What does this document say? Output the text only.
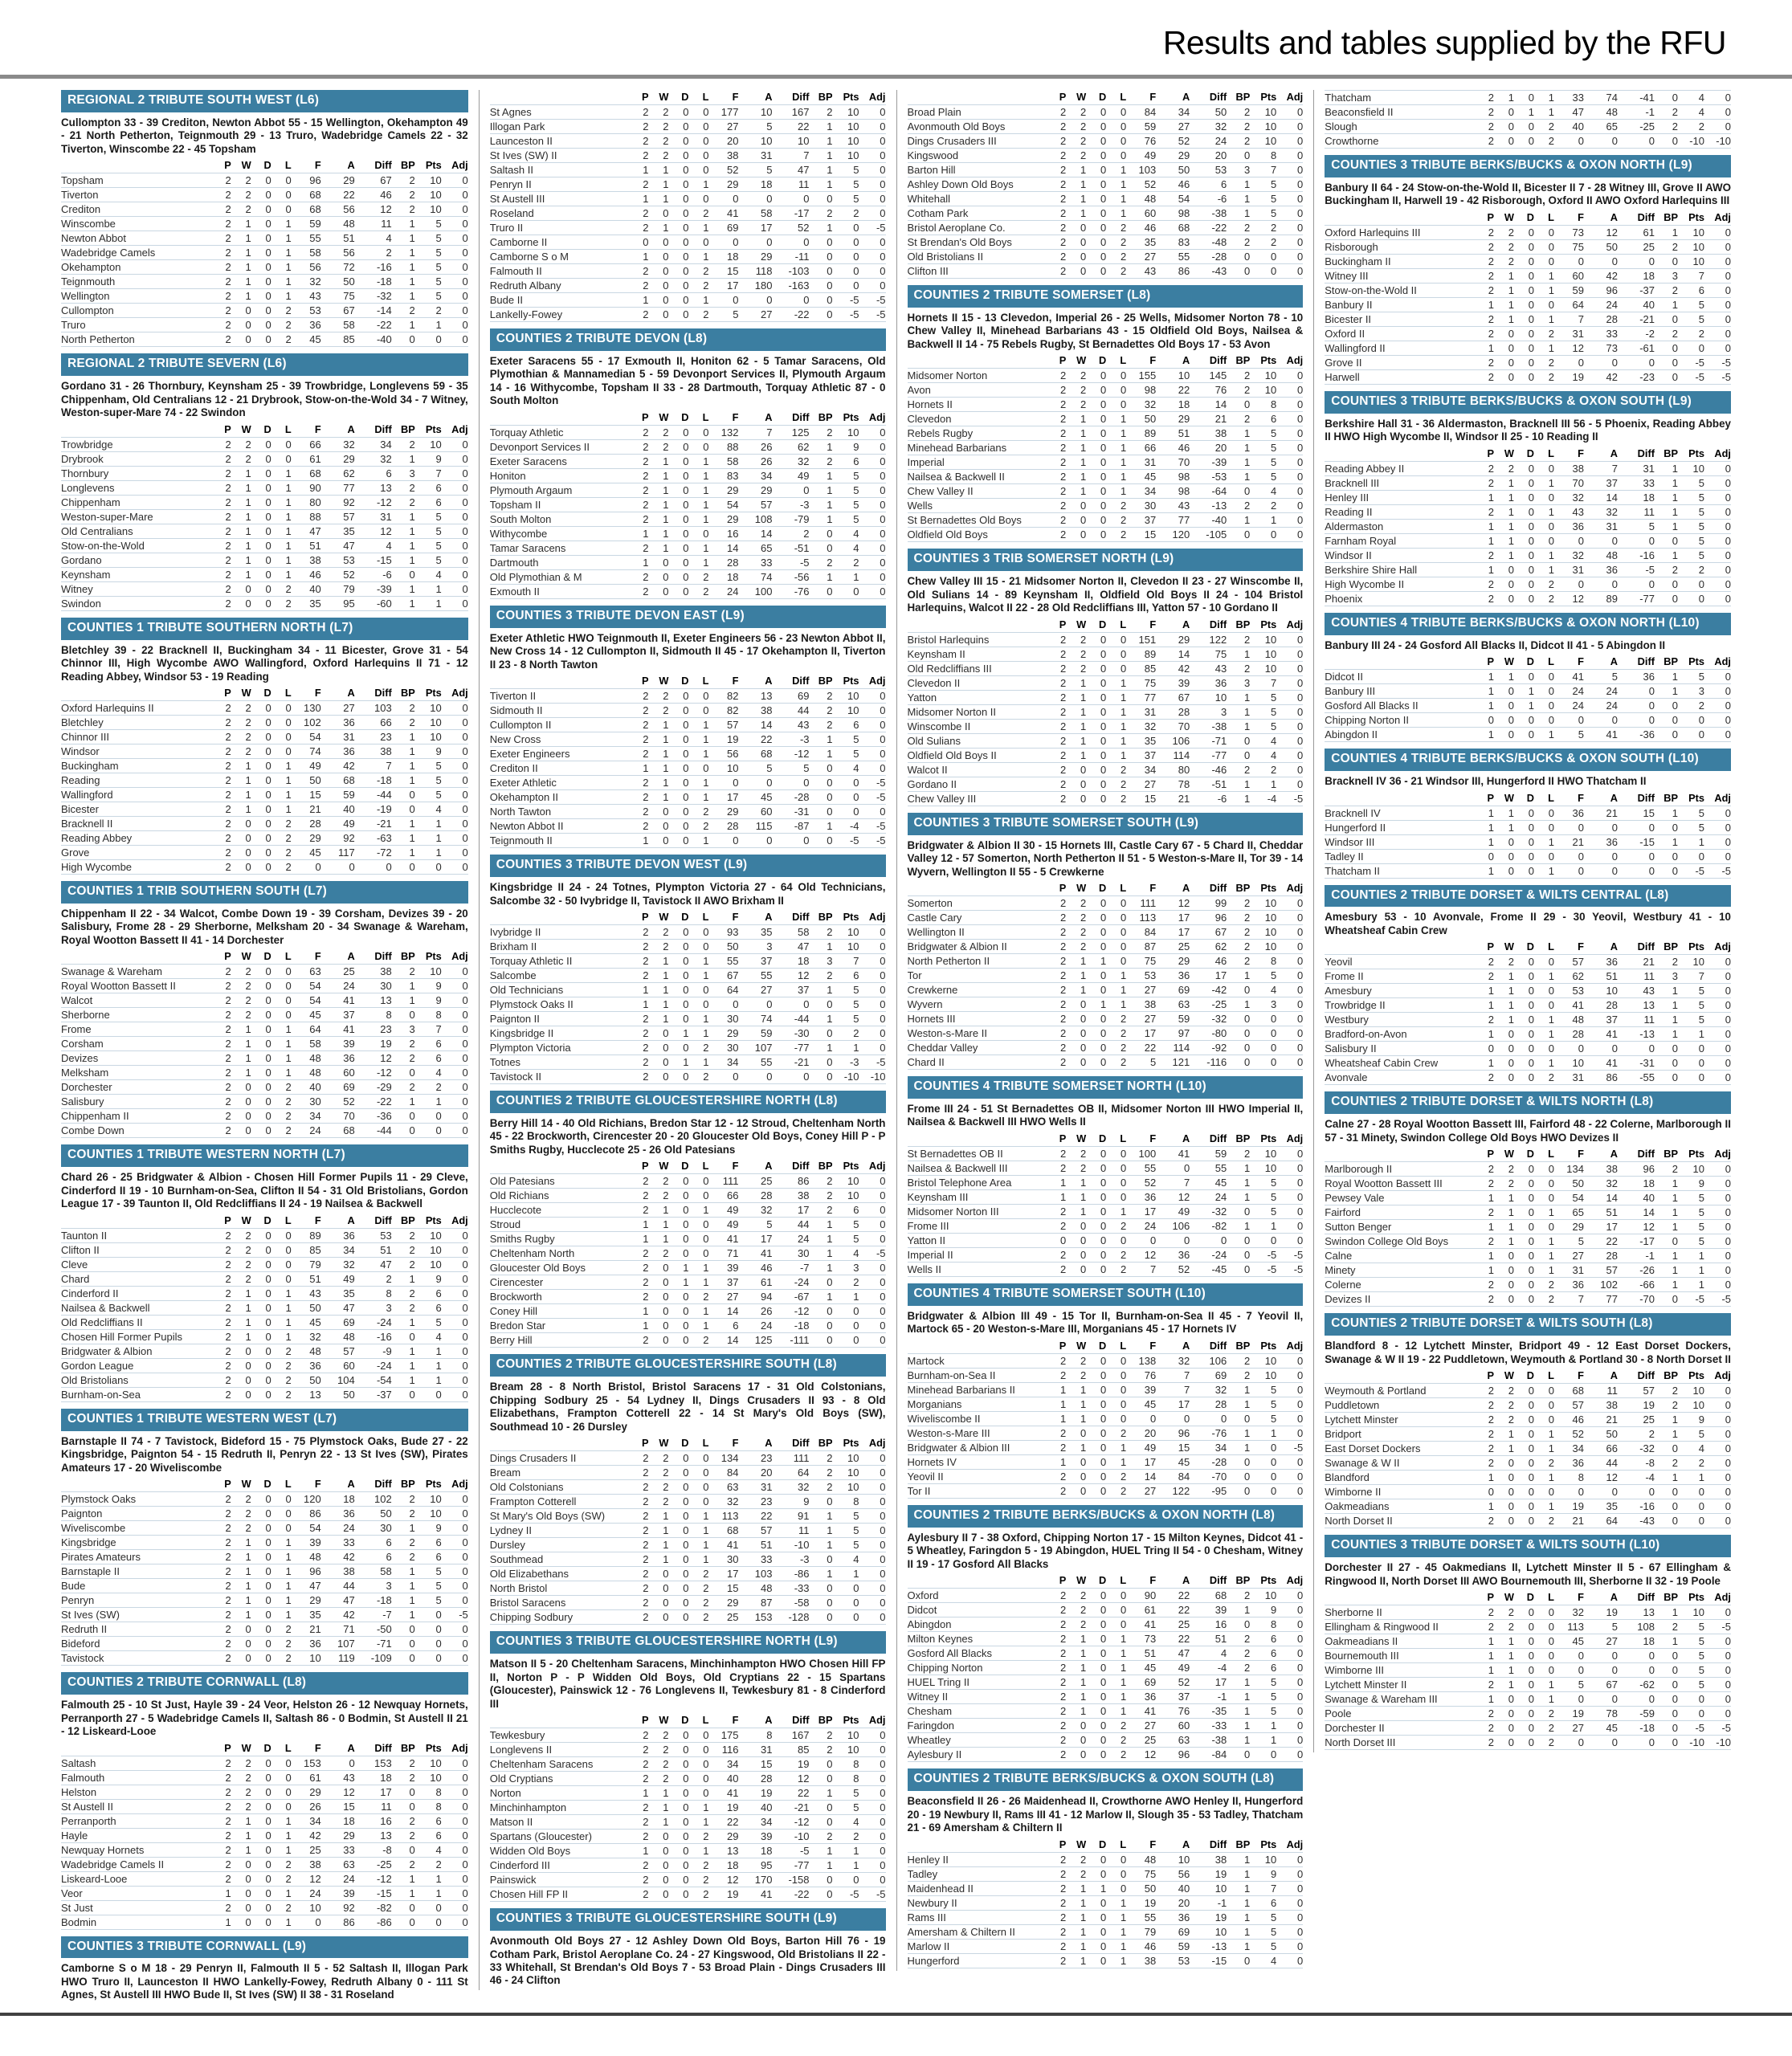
Results and tables supplied by the RFU
REGIONAL 2 TRIBUTE SOUTH WEST (L6)

Cullompton 33 - 39 Crediton, Newton Abbot 55 - 15 Wellington, Okehampton 49 - 21 North Petherton, Teignmouth 29 - 13 Truro, Wadebridge Camels 22 - 32 Tiverton, Winscombe 22 - 45 Topsham

	P	W	D	L	F	A	Diff	BP	Pts	Adj
Topsham	2	2	0	0	96	29	67	2	10	0
Tiverton	2	2	0	0	68	22	46	2	10	0
Crediton	2	2	0	0	68	56	12	2	10	0
Winscombe	2	1	0	1	59	48	11	1	5	0
Newton Abbot	2	1	0	1	55	51	4	1	5	0
Wadebridge Camels	2	1	0	1	58	56	2	1	5	0
Okehampton	2	1	0	1	56	72	-16	1	5	0
Teignmouth	2	1	0	1	32	50	-18	1	5	0
Wellington	2	1	0	1	43	75	-32	1	5	0
Cullompton	2	0	0	2	53	67	-14	2	2	0
Truro	2	0	0	2	36	58	-22	1	1	0
North Petherton	2	0	0	2	45	85	-40	0	0	0
REGIONAL 2 TRIBUTE SEVERN (L6)

Gordano 31 - 26 Thornbury, Keynsham 25 - 39 Trowbridge, Longlevens 59 - 35 Chippenham, Old Centralians 12 - 21 Drybrook, Stow-on-the-Wold 34 - 7 Witney, Weston-super-Mare 74 - 22 Swindon

	P	W	D	L	F	A	Diff	BP	Pts	Adj
Trowbridge	2	2	0	0	66	32	34	2	10	0
Drybrook	2	2	0	0	61	29	32	1	9	0
Thornbury	2	1	0	1	68	62	6	3	7	0
Longlevens	2	1	0	1	90	77	13	2	6	0
Chippenham	2	1	0	1	80	92	-12	2	6	0
Weston-super-Mare	2	1	0	1	88	57	31	1	5	0
Old Centralians	2	1	0	1	47	35	12	1	5	0
Stow-on-the-Wold	2	1	0	1	51	47	4	1	5	0
Gordano	2	1	0	1	38	53	-15	1	5	0
Keynsham	2	1	0	1	46	52	-6	0	4	0
Witney	2	0	0	2	40	79	-39	1	1	0
Swindon	2	0	0	2	35	95	-60	1	1	0
COUNTIES 1 TRIBUTE SOUTHERN NORTH (L7)

Bletchley 39 - 22 Bracknell II, Buckingham 34 - 11 Bicester, Grove 31 - 54 Chinnor III, High Wycombe AWO Wallingford, Oxford Harlequins II 71 - 12 Reading Abbey, Windsor 53 - 19 Reading

	P	W	D	L	F	A	Diff	BP	Pts	Adj
Oxford Harlequins II	2	2	0	0	130	27	103	2	10	0
Bletchley	2	2	0	0	102	36	66	2	10	0
Chinnor III	2	2	0	0	54	31	23	1	10	0
Windsor	2	2	0	0	74	36	38	1	9	0
Buckingham	2	1	0	1	49	42	7	1	5	0
Reading	2	1	0	1	50	68	-18	1	5	0
Wallingford	2	1	0	1	15	59	-44	0	5	0
Bicester	2	1	0	1	21	40	-19	0	4	0
Bracknell II	2	0	0	2	28	49	-21	1	1	0
Reading Abbey	2	0	0	2	29	92	-63	1	1	0
Grove	2	0	0	2	45	117	-72	1	1	0
High Wycombe	2	0	0	2	0	0	0	0	0	0
COUNTIES 1 TRIB SOUTHERN SOUTH (L7)

Chippenham II 22 - 34 Walcot, Combe Down 19 - 39 Corsham, Devizes 39 - 20 Salisbury, Frome 28 - 29 Sherborne, Melksham 20 - 34 Swanage & Wareham, Royal Wootton Bassett II 41 - 14 Dorchester

	P	W	D	L	F	A	Diff	BP	Pts	Adj
Swanage & Wareham	2	2	0	0	63	25	38	2	10	0
Royal Wootton Bassett II	2	2	0	0	54	24	30	1	9	0
Walcot	2	2	0	0	54	41	13	1	9	0
Sherborne	2	2	0	0	45	37	8	0	8	0
Frome	2	1	0	1	64	41	23	3	7	0
Corsham	2	1	0	1	58	39	19	2	6	0
Devizes	2	1	0	1	48	36	12	2	6	0
Melksham	2	1	0	1	48	60	-12	0	4	0
Dorchester	2	0	0	2	40	69	-29	2	2	0
Salisbury	2	0	0	2	30	52	-22	1	1	0
Chippenham II	2	0	0	2	34	70	-36	0	0	0
Combe Down	2	0	0	2	24	68	-44	0	0	0
COUNTIES 1 TRIBUTE WESTERN NORTH (L7)

Chard 26 - 25 Bridgwater & Albion - Chosen Hill Former Pupils 11 - 29 Cleve, Cinderford II 19 - 10 Burnham-on-Sea, Clifton II 54 - 31 Old Bristolians, Gordon League 17 - 39 Taunton II, Old Redcliffians II 24 - 19 Nailsea & Backwell

	P	W	D	L	F	A	Diff	BP	Pts	Adj
Taunton II	2	2	0	0	89	36	53	2	10	0
Clifton II	2	2	0	0	85	34	51	2	10	0
Cleve	2	2	0	0	79	32	47	2	10	0
Chard	2	2	0	0	51	49	2	1	9	0
Cinderford II	2	1	0	1	43	35	8	2	6	0
Nailsea & Backwell	2	1	0	1	50	47	3	2	6	0
Old Redcliffians II	2	1	0	1	45	69	-24	1	5	0
Chosen Hill Former Pupils	2	1	0	1	32	48	-16	0	4	0
Bridgwater & Albion	2	0	0	2	48	57	-9	1	1	0
Gordon League	2	0	0	2	36	60	-24	1	1	0
Old Bristolians	2	0	0	2	50	104	-54	1	1	0
Burnham-on-Sea	2	0	0	2	13	50	-37	0	0	0
COUNTIES 1 TRIBUTE WESTERN WEST (L7)

Barnstaple II 74 - 7 Tavistock, Bideford 15 - 75 Plymstock Oaks, Bude 27 - 22 Kingsbridge, Paignton 54 - 15 Redruth II, Penryn 22 - 13 St Ives (SW), Pirates Amateurs 17 - 20 Wiveliscombe

	P	W	D	L	F	A	Diff	BP	Pts	Adj
Plymstock Oaks	2	2	0	0	120	18	102	2	10	0
Paignton	2	2	0	0	86	36	50	2	10	0
Wiveliscombe	2	2	0	0	54	24	30	1	9	0
Kingsbridge	2	1	0	1	39	33	6	2	6	0
Pirates Amateurs	2	1	0	1	48	42	6	2	6	0
Barnstaple II	2	1	0	1	96	38	58	1	5	0
Bude	2	1	0	1	47	44	3	1	5	0
Penryn	2	1	0	1	29	47	-18	1	5	0
St Ives (SW)	2	1	0	1	35	42	-7	1	0	-5
Redruth II	2	0	0	2	21	71	-50	0	0	0
Bideford	2	0	0	2	36	107	-71	0	0	0
Tavistock	2	0	0	2	10	119	-109	0	0	0
COUNTIES 2 TRIBUTE CORNWALL (L8)

Falmouth 25 - 10 St Just, Hayle 39 - 24 Veor, Helston 26 - 12 Newquay Hornets, Perranporth 27 - 5 Wadebridge Camels II, Saltash 86 - 0 Bodmin, St Austell II 21 - 12 Liskeard-Looe

	P	W	D	L	F	A	Diff	BP	Pts	Adj
Saltash	2	2	0	0	153	0	153	2	10	0
Falmouth	2	2	0	0	61	43	18	2	10	0
Helston	2	2	0	0	29	12	17	0	8	0
St Austell II	2	2	0	0	26	15	11	0	8	0
Perranporth	2	1	0	1	34	18	16	2	6	0
Hayle	2	1	0	1	42	29	13	2	6	0
Newquay Hornets	2	1	0	1	25	33	-8	0	4	0
Wadebridge Camels II	2	0	0	2	38	63	-25	2	2	0
Liskeard-Looe	2	0	0	2	12	24	-12	1	1	0
Veor	1	0	0	1	24	39	-15	1	1	0
St Just	2	0	0	2	10	92	-82	0	0	0
Bodmin	1	0	0	1	0	86	-86	0	0	0
COUNTIES 3 TRIBUTE CORNWALL (L9)

Camborne S o M 18 - 29 Penryn II, Falmouth II 5 - 52 Saltash II, Illogan Park HWO Truro II, Launceston II HWO Lankelly-Fowey, Redruth Albany 0 - 111 St Agnes, St Austell III HWO Bude II, St Ives (SW) II 38 - 31 Roseland

	P	W	D	L	F	A	Diff	BP	Pts	Adj
St Agnes	2	2	0	0	177	10	167	2	10	0
Illogan Park	2	2	0	0	27	5	22	1	10	0
Launceston II	2	2	0	0	20	10	10	1	10	0
St Ives (SW) II	2	2	0	0	38	31	7	1	10	0
Saltash II	1	1	0	0	52	5	47	1	5	0
Penryn II	2	1	0	1	29	18	11	1	5	0
St Austell III	1	1	0	0	0	0	0	0	5	0
Roseland	2	0	0	2	41	58	-17	2	2	0
Truro II	2	1	0	1	69	17	52	1	0	-5
Camborne II	0	0	0	0	0	0	0	0	0	0
Camborne S o M	1	0	0	1	18	29	-11	0	0	0
Falmouth II	2	0	0	2	15	118	-103	0	0	0
Redruth Albany	2	0	0	2	17	180	-163	0	0	0
Bude II	1	0	0	1	0	0	0	0	-5	-5
Lankelly-Fowey	2	0	0	2	5	27	-22	0	-5	-5
COUNTIES 2 TRIBUTE DEVON (L8)

Exeter Saracens 55 - 17 Exmouth II, Honiton 62 - 5 Tamar Saracens, Old Plymothian & Mannamedian 5 - 59 Devonport Services II, Plymouth Argaum 14 - 16 Withycombe, Topsham II 33 - 28 Dartmouth, Torquay Athletic 87 - 0 South Molton

	P	W	D	L	F	A	Diff	BP	Pts	Adj
Torquay Athletic	2	2	0	0	132	7	125	2	10	0
Devonport Services II	2	2	0	0	88	26	62	1	9	0
Exeter Saracens	2	1	0	1	58	26	32	2	6	0
Honiton	2	1	0	1	83	34	49	1	5	0
Plymouth Argaum	2	1	0	1	29	29	0	1	5	0
Topsham II	2	1	0	1	54	57	-3	1	5	0
South Molton	2	1	0	1	29	108	-79	1	5	0
Withycombe	1	1	0	0	16	14	2	0	4	0
Tamar Saracens	2	1	0	1	14	65	-51	0	4	0
Dartmouth	1	0	0	1	28	33	-5	2	2	0
Old Plymothian & M	2	0	0	2	18	74	-56	1	1	0
Exmouth II	2	0	0	2	24	100	-76	0	0	0
COUNTIES 3 TRIBUTE DEVON EAST (L9)

Exeter Athletic HWO Teignmouth II, Exeter Engineers 56 - 23 Newton Abbot II, New Cross 14 - 12 Cullompton II, Sidmouth II 45 - 17 Okehampton II, Tiverton II 23 - 8 North Tawton

	P	W	D	L	F	A	Diff	BP	Pts	Adj
Tiverton II	2	2	0	0	82	13	69	2	10	0
Sidmouth II	2	2	0	0	82	38	44	2	10	0
Cullompton II	2	1	0	1	57	14	43	2	6	0
New Cross	2	1	0	1	19	22	-3	1	5	0
Exeter Engineers	2	1	0	1	56	68	-12	1	5	0
Crediton II	1	1	0	0	10	5	5	0	4	0
Exeter Athletic	2	1	0	1	0	0	0	0	0	-5
Okehampton II	2	1	0	1	17	45	-28	0	0	-5
North Tawton	2	0	0	2	29	60	-31	0	0	0
Newton Abbot II	2	0	0	2	28	115	-87	1	-4	-5
Teignmouth II	1	0	0	1	0	0	0	0	-5	-5
COUNTIES 3 TRIBUTE DEVON WEST (L9)

Kingsbridge II 24 - 24 Totnes, Plympton Victoria 27 - 64 Old Technicians, Salcombe 32 - 50 Ivybridge II, Tavistock II AWO Brixham II

	P	W	D	L	F	A	Diff	BP	Pts	Adj
Ivybridge II	2	2	0	0	93	35	58	2	10	0
Brixham II	2	2	0	0	50	3	47	1	10	0
Torquay Athletic II	2	1	0	1	55	37	18	3	7	0
Salcombe	2	1	0	1	67	55	12	2	6	0
Old Technicians	1	1	0	0	64	27	37	1	5	0
Plymstock Oaks II	1	1	0	0	0	0	0	0	5	0
Paignton II	2	1	0	1	30	74	-44	1	5	0
Kingsbridge II	2	0	1	1	29	59	-30	0	2	0
Plympton Victoria	2	0	0	2	30	107	-77	1	1	0
Totnes	2	0	1	1	34	55	-21	0	-3	-5
Tavistock II	2	0	0	2	0	0	0	0	-10	-10
COUNTIES 2 TRIBUTE GLOUCESTERSHIRE NORTH (L8)

Berry Hill 14 - 40 Old Richians, Bredon Star 12 - 12 Stroud, Cheltenham North 45 - 22 Brockworth, Cirencester 20 - 20 Gloucester Old Boys, Coney Hill P - P Smiths Rugby, Hucclecote 25 - 26 Old Patesians

	P	W	D	L	F	A	Diff	BP	Pts	Adj
Old Patesians	2	2	0	0	111	25	86	2	10	0
Old Richians	2	2	0	0	66	28	38	2	10	0
Hucclecote	2	1	0	1	49	32	17	2	6	0
Stroud	1	1	0	0	49	5	44	1	5	0
Smiths Rugby	1	1	0	0	41	17	24	1	5	0
Cheltenham North	2	2	0	0	71	41	30	1	4	-5
Gloucester Old Boys	2	0	1	1	39	46	-7	1	3	0
Cirencester	2	0	1	1	37	61	-24	0	2	0
Brockworth	2	0	0	2	27	94	-67	1	1	0
Coney Hill	1	0	0	1	14	26	-12	0	0	0
Bredon Star	1	0	0	1	6	24	-18	0	0	0
Berry Hill	2	0	0	2	14	125	-111	0	0	0
COUNTIES 2 TRIBUTE GLOUCESTERSHIRE SOUTH (L8)

Bream 28 - 8 North Bristol, Bristol Saracens 17 - 31 Old Colstonians, Chipping Sodbury 25 - 54 Lydney II, Dings Crusaders II 93 - 8 Old Elizabethans, Frampton Cotterell 22 - 14 St Mary's Old Boys (SW), Southmead 10 - 26 Dursley

	P	W	D	L	F	A	Diff	BP	Pts	Adj
Dings Crusaders II	2	2	0	0	134	23	111	2	10	0
Bream	2	2	0	0	84	20	64	2	10	0
Old Colstonians	2	2	0	0	63	31	32	2	10	0
Frampton Cotterell	2	2	0	0	32	23	9	0	8	0
St Mary's Old Boys (SW)	2	1	0	1	113	22	91	1	5	0
Lydney II	2	1	0	1	68	57	11	1	5	0
Dursley	2	1	0	1	41	51	-10	1	5	0
Southmead	2	1	0	1	30	33	-3	0	4	0
Old Elizabethans	2	0	0	2	17	103	-86	1	1	0
North Bristol	2	0	0	2	15	48	-33	0	0	0
Bristol Saracens	2	0	0	2	29	87	-58	0	0	0
Chipping Sodbury	2	0	0	2	25	153	-128	0	0	0
COUNTIES 3 TRIBUTE GLOUCESTERSHIRE NORTH (L9)

Matson II 5 - 20 Cheltenham Saracens, Minchinhampton HWO Chosen Hill FP II, Norton P - P Widden Old Boys, Old Cryptians 22 - 15 Spartans (Gloucester), Painswick 12 - 76 Longlevens II, Tewkesbury 81 - 8 Cinderford III

	P	W	D	L	F	A	Diff	BP	Pts	Adj
Tewkesbury	2	2	0	0	175	8	167	2	10	0
Longlevens II	2	2	0	0	116	31	85	2	10	0
Cheltenham Saracens	2	2	0	0	34	15	19	0	8	0
Old Cryptians	2	2	0	0	40	28	12	0	8	0
Norton	1	1	0	0	41	19	22	1	5	0
Minchinhampton	2	1	0	1	19	40	-21	0	5	0
Matson II	2	1	0	1	22	34	-12	0	4	0
Spartans (Gloucester)	2	0	0	2	29	39	-10	2	2	0
Widden Old Boys	1	0	0	1	13	18	-5	1	1	0
Cinderford III	2	0	0	2	18	95	-77	1	1	0
Painswick	2	0	0	2	12	170	-158	0	0	0
Chosen Hill FP II	2	0	0	2	19	41	-22	0	-5	-5
COUNTIES 3 TRIBUTE GLOUCESTERSHIRE SOUTH (L9)

Avonmouth Old Boys 27 - 12 Ashley Down Old Boys, Barton Hill 76 - 19 Cotham Park, Bristol Aeroplane Co. 24 - 27 Kingswood, Old Bristolians II 22 - 33 Whitehall, St Brendan's Old Boys 7 - 53 Broad Plain - Dings Crusaders III 46 - 24 Clifton

	P	W	D	L	F	A	Diff	BP	Pts	Adj
Broad Plain	2	2	0	0	84	34	50	2	10	0
Avonmouth Old Boys	2	2	0	0	59	27	32	2	10	0
Dings Crusaders III	2	2	0	0	76	52	24	2	10	0
Kingswood	2	2	0	0	49	29	20	0	8	0
Barton Hill	2	1	0	1	103	50	53	3	7	0
Ashley Down Old Boys	2	1	0	1	52	46	6	1	5	0
Whitehall	2	1	0	1	48	54	-6	1	5	0
Cotham Park	2	1	0	1	60	98	-38	1	5	0
Bristol Aeroplane Co.	2	0	0	2	46	68	-22	2	2	0
St Brendan's Old Boys	2	0	0	2	35	83	-48	2	2	0
Old Bristolians II	2	0	0	2	27	55	-28	0	0	0
Clifton III	2	0	0	2	43	86	-43	0	0	0
COUNTIES 2 TRIBUTE SOMERSET (L8)

Hornets II 15 - 13 Clevedon, Imperial 26 - 25 Wells, Midsomer Norton 78 - 10 Chew Valley II, Minehead Barbarians 43 - 15 Oldfield Old Boys, Nailsea & Backwell II 14 - 75 Rebels Rugby, St Bernadettes Old Boys 17 - 53 Avon

	P	W	D	L	F	A	Diff	BP	Pts	Adj
Midsomer Norton	2	2	0	0	155	10	145	2	10	0
Avon	2	2	0	0	98	22	76	2	10	0
Hornets II	2	2	0	0	32	18	14	0	8	0
Clevedon	2	1	0	1	50	29	21	2	6	0
Rebels Rugby	2	1	0	1	89	51	38	1	5	0
Minehead Barbarians	2	1	0	1	66	46	20	1	5	0
Imperial	2	1	0	1	31	70	-39	1	5	0
Nailsea & Backwell II	2	1	0	1	45	98	-53	1	5	0
Chew Valley II	2	1	0	1	34	98	-64	0	4	0
Wells	2	0	0	2	30	43	-13	2	2	0
St Bernadettes Old Boys	2	0	0	2	37	77	-40	1	1	0
Oldfield Old Boys	2	0	0	2	15	120	-105	0	0	0
COUNTIES 3 TRIB SOMERSET NORTH (L9)

Chew Valley III 15 - 21 Midsomer Norton II, Clevedon II 23 - 27 Winscombe II, Old Sulians 14 - 89 Keynsham II, Oldfield Old Boys II 24 - 104 Bristol Harlequins, Walcot II 22 - 28 Old Redcliffians III, Yatton 57 - 10 Gordano II

	P	W	D	L	F	A	Diff	BP	Pts	Adj
Bristol Harlequins	2	2	0	0	151	29	122	2	10	0
Keynsham II	2	2	0	0	89	14	75	1	10	0
Old Redcliffians III	2	2	0	0	85	42	43	2	10	0
Clevedon II	2	1	0	1	75	39	36	3	7	0
Yatton	2	1	0	1	77	67	10	1	5	0
Midsomer Norton II	2	1	0	1	31	28	3	1	5	0
Winscombe II	2	1	0	1	32	70	-38	1	5	0
Old Sulians	2	1	0	1	35	106	-71	0	4	0
Oldfield Old Boys II	2	1	0	1	37	114	-77	0	4	0
Walcot II	2	0	0	2	34	80	-46	2	2	0
Gordano II	2	0	0	2	27	78	-51	1	1	0
Chew Valley III	2	0	0	2	15	21	-6	1	-4	-5
COUNTIES 3 TRIBUTE SOMERSET SOUTH (L9)

Bridgwater & Albion II 30 - 15 Hornets III, Castle Cary 67 - 5 Chard II, Cheddar Valley 12 - 57 Somerton, North Petherton II 51 - 5 Weston-s-Mare II, Tor 39 - 14 Wyvern, Wellington II 55 - 5 Crewkerne

	P	W	D	L	F	A	Diff	BP	Pts	Adj
Somerton	2	2	0	0	111	12	99	2	10	0
Castle Cary	2	2	0	0	113	17	96	2	10	0
Wellington II	2	2	0	0	84	17	67	2	10	0
Bridgwater & Albion II	2	2	0	0	87	25	62	2	10	0
North Petherton II	2	1	1	0	75	29	46	2	8	0
Tor	2	1	0	1	53	36	17	1	5	0
Crewkerne	2	1	0	1	27	69	-42	0	4	0
Wyvern	2	0	1	1	38	63	-25	1	3	0
Hornets III	2	0	0	2	27	59	-32	0	0	0
Weston-s-Mare II	2	0	0	2	17	97	-80	0	0	0
Cheddar Valley	2	0	0	2	22	114	-92	0	0	0
Chard II	2	0	0	2	5	121	-116	0	0	0
COUNTIES 4 TRIBUTE SOMERSET NORTH (L10)

Frome III 24 - 51 St Bernadettes OB II, Midsomer Norton III HWO Imperial II, Nailsea & Backwell III HWO Wells II

	P	W	D	L	F	A	Diff	BP	Pts	Adj
St Bernadettes OB II	2	2	0	0	100	41	59	2	10	0
Nailsea & Backwell III	2	2	0	0	55	0	55	1	10	0
Bristol Telephone Area	1	1	0	0	52	7	45	1	5	0
Keynsham III	1	1	0	0	36	12	24	1	5	0
Midsomer Norton III	2	1	0	1	17	49	-32	0	5	0
Frome III	2	0	0	2	24	106	-82	1	1	0
Yatton II	0	0	0	0	0	0	0	0	0	0
Imperial II	2	0	0	2	12	36	-24	0	-5	-5
Wells II	2	0	0	2	7	52	-45	0	-5	-5
COUNTIES 4 TRIBUTE SOMERSET SOUTH (L10)

Bridgwater & Albion III 49 - 15 Tor II, Burnham-on-Sea II 45 - 7 Yeovil II, Martock 65 - 20 Weston-s-Mare III, Morganians 45 - 17 Hornets IV

	P	W	D	L	F	A	Diff	BP	Pts	Adj
Martock	2	2	0	0	138	32	106	2	10	0
Burnham-on-Sea II	2	2	0	0	76	7	69	2	10	0
Minehead Barbarians II	1	1	0	0	39	7	32	1	5	0
Morganians	1	1	0	0	45	17	28	1	5	0
Wiveliscombe II	1	1	0	0	0	0	0	0	5	0
Weston-s-Mare III	2	0	0	2	20	96	-76	1	1	0
Bridgwater & Albion III	2	1	0	1	49	15	34	1	0	-5
Hornets IV	1	0	0	1	17	45	-28	0	0	0
Yeovil II	2	0	0	2	14	84	-70	0	0	0
Tor II	2	0	0	2	27	122	-95	0	0	0
COUNTIES 2 TRIBUTE BERKS/BUCKS & OXON NORTH (L8)

Aylesbury II 7 - 38 Oxford, Chipping Norton 17 - 15 Milton Keynes, Didcot 41 - 5 Wheatley, Faringdon 5 - 19 Abingdon, HUEL Tring II 54 - 0 Chesham, Witney II 19 - 17 Gosford All Blacks

	P	W	D	L	F	A	Diff	BP	Pts	Adj
Oxford	2	2	0	0	90	22	68	2	10	0
Didcot	2	2	0	0	61	22	39	1	9	0
Abingdon	2	2	0	0	41	25	16	0	8	0
Milton Keynes	2	1	0	1	73	22	51	2	6	0
Gosford All Blacks	2	1	0	1	51	47	4	2	6	0
Chipping Norton	2	1	0	1	45	49	-4	2	6	0
HUEL Tring II	2	1	0	1	69	52	17	1	5	0
Witney II	2	1	0	1	36	37	-1	1	5	0
Chesham	2	1	0	1	41	76	-35	1	5	0
Faringdon	2	0	0	2	27	60	-33	1	1	0
Wheatley	2	0	0	2	25	63	-38	1	1	0
Aylesbury II	2	0	0	2	12	96	-84	0	0	0
COUNTIES 2 TRIBUTE BERKS/BUCKS & OXON SOUTH (L8)

Beaconsfield II 26 - 26 Maidenhead II, Crowthorne AWO Henley II, Hungerford 20 - 19 Newbury II, Rams III 41 - 12 Marlow II, Slough 35 - 53 Tadley, Thatcham 21 - 69 Amersham & Chiltern II

	P	W	D	L	F	A	Diff	BP	Pts	Adj
Henley II	2	2	0	0	48	10	38	1	10	0
Tadley	2	2	0	0	75	56	19	1	9	0
Maidenhead II	2	1	1	0	50	40	10	1	7	0
Newbury II	2	1	0	1	19	20	-1	1	6	0
Rams III	2	1	0	1	55	36	19	1	5	0
Amersham & Chiltern II	2	1	0	1	79	69	10	1	5	0
Marlow II	2	1	0	1	46	59	-13	1	5	0
Hungerford	2	1	0	1	38	53	-15	0	4	0
Thatcham	2	1	0	1	33	74	-41	0	4	0
Beaconsfield II	2	0	1	1	47	48	-1	2	4	0
Slough	2	0	0	2	40	65	-25	2	2	0
Crowthorne	2	0	0	2	0	0	0	0	-10	-10
COUNTIES 3 TRIBUTE BERKS/BUCKS & OXON NORTH (L9)

Banbury II 64 - 24 Stow-on-the-Wold II, Bicester II 7 - 28 Witney III, Grove II AWO Buckingham II, Harwell 19 - 42 Risborough, Oxford II AWO Oxford Harlequins III

	P	W	D	L	F	A	Diff	BP	Pts	Adj
Oxford Harlequins III	2	2	0	0	73	12	61	1	10	0
Risborough	2	2	0	0	75	50	25	2	10	0
Buckingham II	2	2	0	0	0	0	0	0	10	0
Witney III	2	1	0	1	60	42	18	3	7	0
Stow-on-the-Wold II	2	1	0	1	59	96	-37	2	6	0
Banbury II	1	1	0	0	64	24	40	1	5	0
Bicester II	2	1	0	1	7	28	-21	0	5	0
Oxford II	2	0	0	2	31	33	-2	2	2	0
Wallingford II	1	0	0	1	12	73	-61	0	0	0
Grove II	2	0	0	2	0	0	0	0	-5	-5
Harwell	2	0	0	2	19	42	-23	0	-5	-5
COUNTIES 3 TRIBUTE BERKS/BUCKS & OXON SOUTH (L9)

Berkshire Hall 31 - 36 Aldermaston, Bracknell III 56 - 5 Phoenix, Reading Abbey II HWO High Wycombe II, Windsor II 25 - 10 Reading II

	P	W	D	L	F	A	Diff	BP	Pts	Adj
Reading Abbey II	2	2	0	0	38	7	31	1	10	0
Bracknell III	2	1	0	1	70	37	33	1	5	0
Henley III	1	1	0	0	32	14	18	1	5	0
Reading II	2	1	0	1	43	32	11	1	5	0
Aldermaston	1	1	0	0	36	31	5	1	5	0
Farnham Royal	1	1	0	0	0	0	0	0	5	0
Windsor II	2	1	0	1	32	48	-16	1	5	0
Berkshire Shire Hall	1	0	0	1	31	36	-5	2	2	0
High Wycombe II	2	0	0	2	0	0	0	0	0	0
Phoenix	2	0	0	2	12	89	-77	0	0	0
COUNTIES 4 TRIBUTE BERKS/BUCKS & OXON NORTH (L10)

Banbury III 24 - 24 Gosford All Blacks II, Didcot II 41 - 5 Abingdon II

	P	W	D	L	F	A	Diff	BP	Pts	Adj
Didcot II	1	1	0	0	41	5	36	1	5	0
Banbury III	1	0	1	0	24	24	0	1	3	0
Gosford All Blacks II	1	0	1	0	24	24	0	0	2	0
Chipping Norton II	0	0	0	0	0	0	0	0	0	0
Abingdon II	1	0	0	1	5	41	-36	0	0	0
COUNTIES 4 TRIBUTE BERKS/BUCKS & OXON SOUTH (L10)

Bracknell IV 36 - 21 Windsor III, Hungerford II HWO Thatcham II

	P	W	D	L	F	A	Diff	BP	Pts	Adj
Bracknell IV	1	1	0	0	36	21	15	1	5	0
Hungerford II	1	1	0	0	0	0	0	0	5	0
Windsor III	1	0	0	1	21	36	-15	1	1	0
Tadley II	0	0	0	0	0	0	0	0	0	0
Thatcham II	1	0	0	1	0	0	0	0	-5	-5
COUNTIES 2 TRIBUTE DORSET & WILTS CENTRAL (L8)

Amesbury 53 - 10 Avonvale, Frome II 29 - 30 Yeovil, Westbury 41 - 10 Wheatsheaf Cabin Crew

	P	W	D	L	F	A	Diff	BP	Pts	Adj
Yeovil	2	2	0	0	57	36	21	2	10	0
Frome II	2	1	0	1	62	51	11	3	7	0
Amesbury	1	1	0	0	53	10	43	1	5	0
Trowbridge II	1	1	0	0	41	28	13	1	5	0
Westbury	2	1	0	1	48	37	11	1	5	0
Bradford-on-Avon	1	0	0	1	28	41	-13	1	1	0
Salisbury II	0	0	0	0	0	0	0	0	0	0
Wheatsheaf Cabin Crew	1	0	0	1	10	41	-31	0	0	0
Avonvale	2	0	0	2	31	86	-55	0	0	0
COUNTIES 2 TRIBUTE DORSET & WILTS NORTH (L8)

Calne 27 - 28 Royal Wootton Bassett III, Fairford 48 - 22 Colerne, Marlborough II 57 - 31 Minety, Swindon College Old Boys HWO Devizes II

	P	W	D	L	F	A	Diff	BP	Pts	Adj
Marlborough II	2	2	0	0	134	38	96	2	10	0
Royal Wootton Bassett III	2	2	0	0	50	32	18	1	9	0
Pewsey Vale	1	1	0	0	54	14	40	1	5	0
Fairford	2	1	0	1	65	51	14	1	5	0
Sutton Benger	1	1	0	0	29	17	12	1	5	0
Swindon College Old Boys	2	1	0	1	5	22	-17	0	5	0
Calne	1	0	0	1	27	28	-1	1	1	0
Minety	1	0	0	1	31	57	-26	1	1	0
Colerne	2	0	0	2	36	102	-66	1	1	0
Devizes II	2	0	0	2	7	77	-70	0	-5	-5
COUNTIES 2 TRIBUTE DORSET & WILTS SOUTH (L8)

Blandford 8 - 12 Lytchett Minster, Bridport 49 - 12 East Dorset Dockers, Swanage & W II 19 - 22 Puddletown, Weymouth & Portland 30 - 8 North Dorset II

	P	W	D	L	F	A	Diff	BP	Pts	Adj
Weymouth & Portland	2	2	0	0	68	11	57	2	10	0
Puddletown	2	2	0	0	57	38	19	2	10	0
Lytchett Minster	2	2	0	0	46	21	25	1	9	0
Bridport	2	1	0	1	52	50	2	1	5	0
East Dorset Dockers	2	1	0	1	34	66	-32	0	4	0
Swanage & W II	2	0	0	2	36	44	-8	2	2	0
Blandford	1	0	0	1	8	12	-4	1	1	0
Wimborne II	0	0	0	0	0	0	0	0	0	0
Oakmeadians	1	0	0	1	19	35	-16	0	0	0
North Dorset II	2	0	0	2	21	64	-43	0	0	0
COUNTIES 3 TRIBUTE DORSET & WILTS SOUTH (L10)

Dorchester II 27 - 45 Oakmedians II, Lytchett Minster II 5 - 67 Ellingham & Ringwood II, North Dorset III AWO Bournemouth III, Sherborne II 32 - 19 Poole

	P	W	D	L	F	A	Diff	BP	Pts	Adj
Sherborne II	2	2	0	0	32	19	13	1	10	0
Ellingham & Ringwood II	2	2	0	0	113	5	108	2	5	-5
Oakmeadians II	1	1	0	0	45	27	18	1	5	0
Bournemouth III	1	1	0	0	0	0	0	0	5	0
Wimborne III	1	1	0	0	0	0	0	0	5	0
Lytchett Minster II	2	1	0	1	5	67	-62	0	5	0
Swanage & Wareham III	1	0	0	1	0	0	0	0	0	0
Poole	2	0	0	2	19	78	-59	0	0	0
Dorchester II	2	0	0	2	27	45	-18	0	-5	-5
North Dorset III	2	0	0	2	0	0	0	0	-10	-10
